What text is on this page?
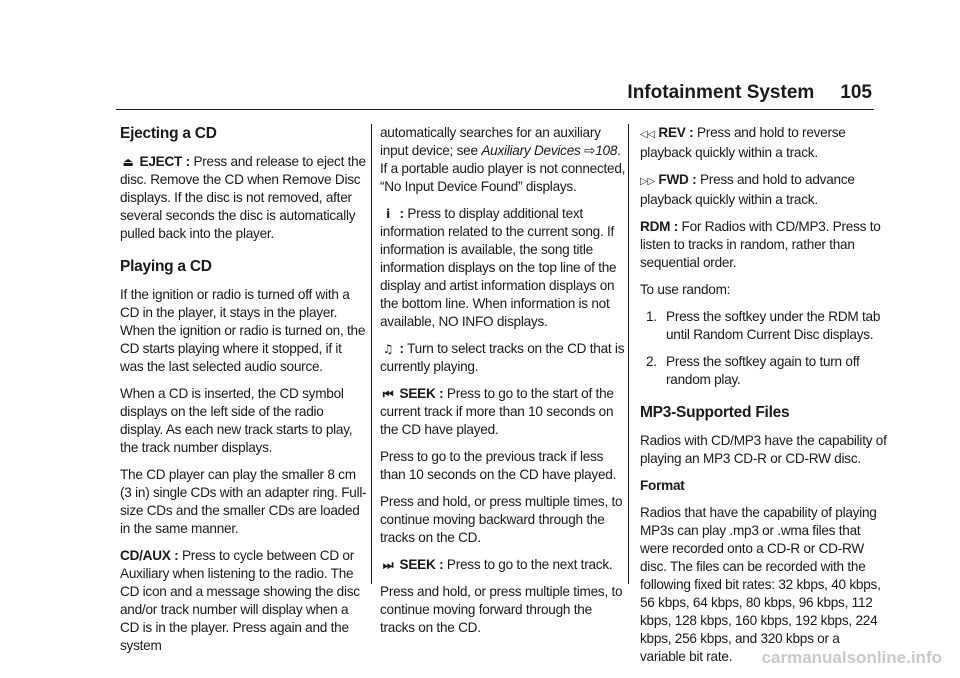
Infotainment System 105
Ejecting a CD

⏏ EJECT : Press and release to eject the disc. Remove the CD when Remove Disc displays. If the disc is not removed, after several seconds the disc is automatically pulled back into the player.

Playing a CD

If the ignition or radio is turned off with a CD in the player, it stays in the player. When the ignition or radio is turned on, the CD starts playing where it stopped, if it was the last selected audio source.

When a CD is inserted, the CD symbol displays on the left side of the radio display. As each new track starts to play, the track number displays.

The CD player can play the smaller 8 cm (3 in) single CDs with an adapter ring. Full-size CDs and the smaller CDs are loaded in the same manner.

CD/AUX : Press to cycle between CD or Auxiliary when listening to the radio. The CD icon and a message showing the disc and/or track number will display when a CD is in the player. Press again and the system

automatically searches for an auxiliary input device; see Auxiliary Devices ⇨108. If a portable audio player is not connected, “No Input Device Found” displays.

i : Press to display additional text information related to the current song. If information is available, the song title information displays on the top line of the display and artist information displays on the bottom line. When information is not available, NO INFO displays.

♫ : Turn to select tracks on the CD that is currently playing.

⏮ SEEK : Press to go to the start of the current track if more than 10 seconds on the CD have played.

Press to go to the previous track if less than 10 seconds on the CD have played.

Press and hold, or press multiple times, to continue moving backward through the tracks on the CD.

⏭ SEEK : Press to go to the next track.

Press and hold, or press multiple times, to continue moving forward through the tracks on the CD.

◁◁ REV : Press and hold to reverse playback quickly within a track.

▷▷ FWD : Press and hold to advance playback quickly within a track.

RDM : For Radios with CD/MP3. Press to listen to tracks in random, rather than sequential order.

To use random:

1. Press the softkey under the RDM tab until Random Current Disc displays.
2. Press the softkey again to turn off random play.
MP3-Supported Files

Radios with CD/MP3 have the capability of playing an MP3 CD-R or CD-RW disc.

Format

Radios that have the capability of playing MP3s can play .mp3 or .wma files that were recorded onto a CD-R or CD-RW disc. The files can be recorded with the following fixed bit rates: 32 kbps, 40 kbps, 56 kbps, 64 kbps, 80 kbps, 96 kbps, 112 kbps, 128 kbps, 160 kbps, 192 kbps, 224 kbps, 256 kbps, and 320 kbps or a variable bit rate.	carmanualsonline.info
